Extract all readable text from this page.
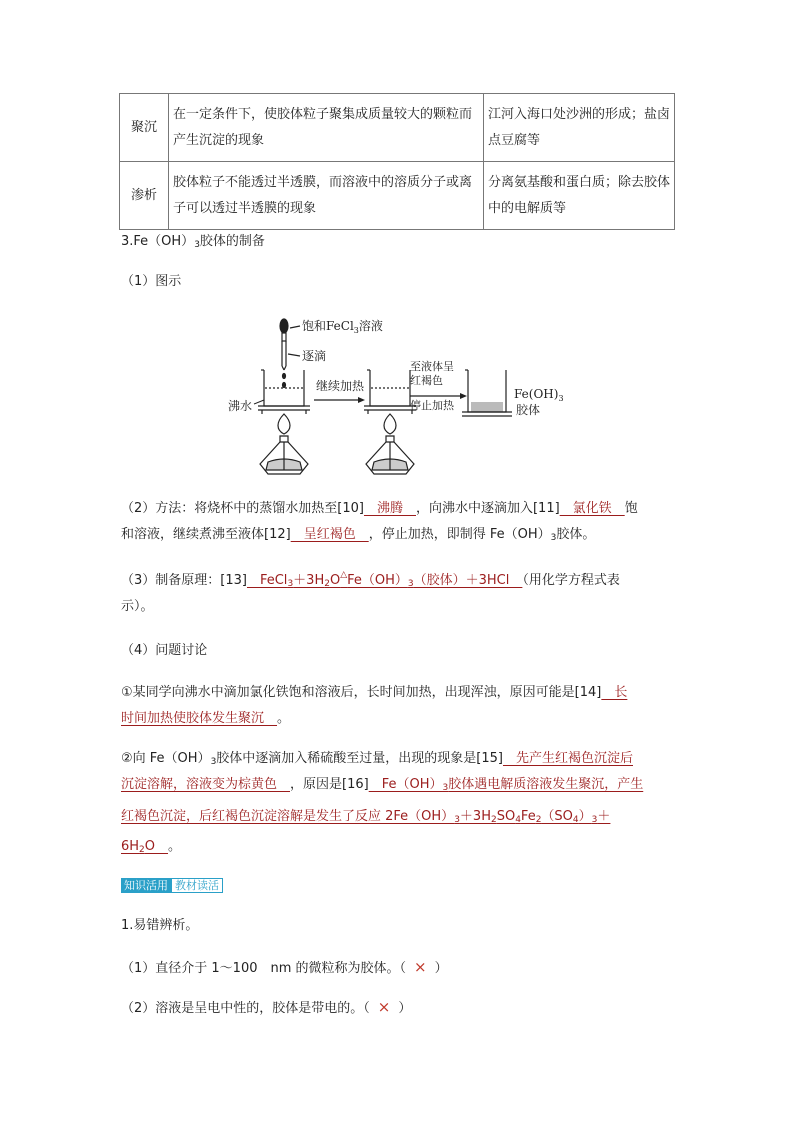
聚沉	在一定条件下，使胶体粒子聚集成质量较大的颗粒而产生沉淀的现象	江河入海口处沙洲的形成；盐卤点豆腐等
渗析	胶体粒子不能透过半透膜，而溶液中的溶质分子或离子可以透过半透膜的现象	分离氨基酸和蛋白质；除去胶体中的电解质等
$3.Fe(OH)_3$胶体的制备
（1）图示
饱和FeCl$_3$溶液
逐滴
沸水
继续加热
至液体呈
红褐色
停止加热
$Fe(OH)_3$
胶体
（2）方法：将烧杯中的蒸馏水加热至[10]　沸腾　，向沸水中逐滴加入[11]　氯化铁　饱
和溶液，继续煮沸至液体[12]　呈红褐色　，停止加热，即制得 $Fe(OH)_3$胶体。
（3）制备原理：[13]　$FeCl_3+3H_2O^\triangle Fe(OH)_3$（胶体）＋3HCl　（用化学方程式表
示）。
（4）问题讨论
①某同学向沸水中滴加氯化铁饱和溶液后，长时间加热，出现浑浊，原因可能是[14]　长
时间加热使胶体发生聚沉　。
②向 $Fe(OH)_3$胶体中逐滴加入稀硫酸至过量，出现的现象是[15]　先产生红褐色沉淀后
沉淀溶解，溶液变为棕黄色　，原因是[16]　$Fe(OH)_3$胶体遇电解质溶液发生聚沉，产生
红褐色沉淀，后红褐色沉淀溶解是发生了反应 $2Fe(OH)_3+3H_2SO_4Fe_2(SO_4)_3+$
$6H_2O$　。
知识活用 教材读活
1.易错辨析。
（1）直径介于 1～100　nm 的微粒称为胶体。（ × ）
（2）溶液是呈电中性的，胶体是带电的。（ × ）
